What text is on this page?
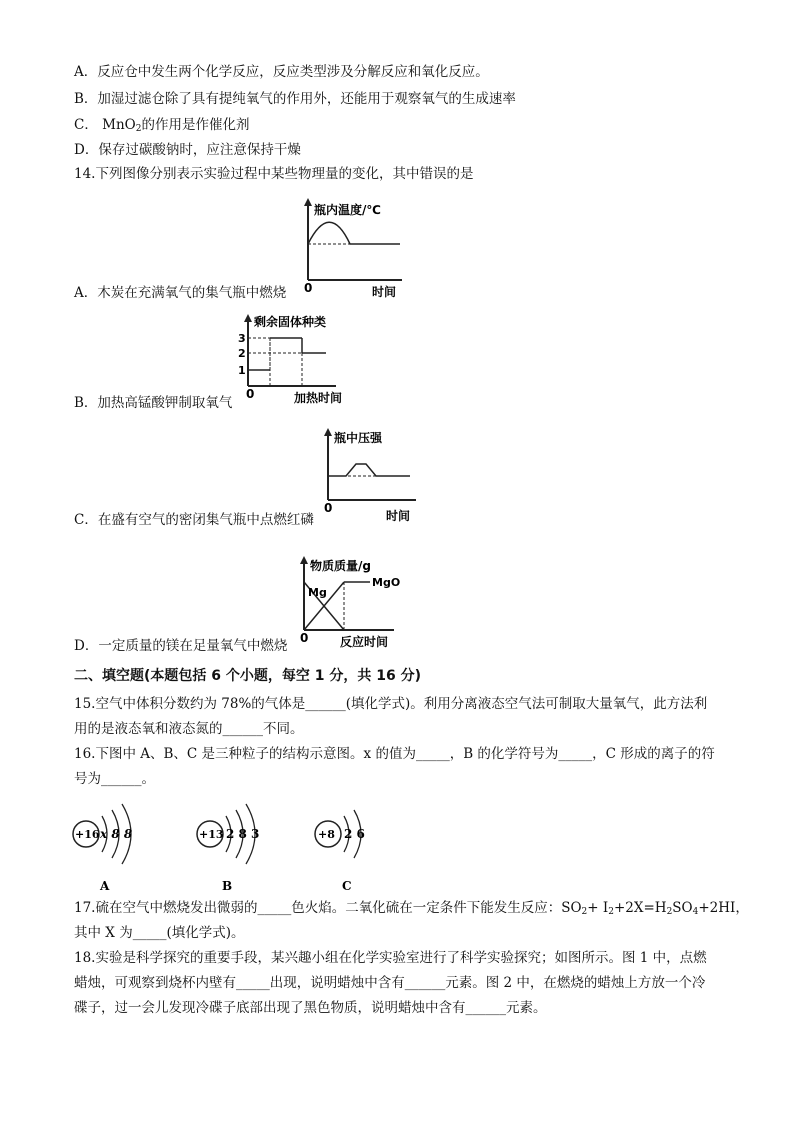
A．反应仓中发生两个化学反应，反应类型涉及分解反应和氧化反应。
B．加湿过滤仓除了具有提纯氧气的作用外，还能用于观察氧气的生成速率
C． MnO$_2$的作用是作催化剂
D．保存过碳酸钠时，应注意保持干燥
14.下列图像分别表示实验过程中某些物理量的变化，其中错误的是
瓶内温度/℃
0	时间
A．木炭在充满氧气的集气瓶中燃烧
剩余固体种类
3
2
1
0	加热时间
B．加热高锰酸钾制取氧气
瓶中压强
0
时间
C．在盛有空气的密闭集气瓶中点燃红磷
物质质量/g
Mg
MgO
0	反应时间
D．一定质量的镁在足量氧气中燃烧
二、填空题(本题包括 6 个小题，每空 1 分，共 16 分)
15.空气中体积分数约为 78%的气体是______(填化学式)。利用分离液态空气法可制取大量氧气，此方法利
用的是液态氧和液态氮的______不同。
16.下图中 A、B、C 是三种粒子的结构示意图。x 的值为_____，B 的化学符号为_____，C 形成的离子的符
号为______。
+16 x 8 8
A
+13 2 8 3
B
+8 2 6
C
17.硫在空气中燃烧发出微弱的_____色火焰。二氧化硫在一定条件下能发生反应：$SO_2+ I_2+2X=H_2SO_4+2HI$，
其中 X 为_____(填化学式)。
18.实验是科学探究的重要手段，某兴趣小组在化学实验室进行了科学实验探究；如图所示。图 1 中，点燃
蜡烛，可观察到烧杯内壁有_____出现，说明蜡烛中含有______元素。图 2 中，在燃烧的蜡烛上方放一个冷
碟子，过一会儿发现冷碟子底部出现了黑色物质，说明蜡烛中含有______元素。
